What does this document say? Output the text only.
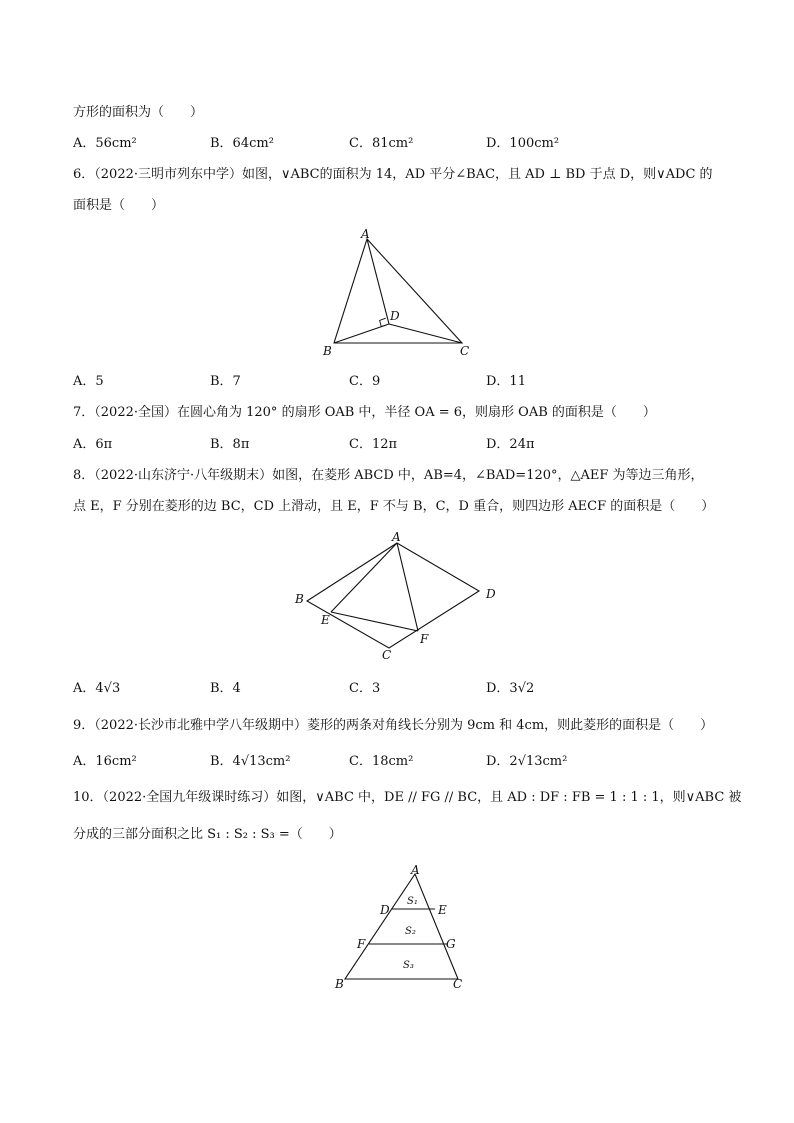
方形的面积为（　　）
A．56cm²	B．64cm²	C．81cm²	D．100cm²
6．（2022·三明市列东中学）如图，∨ABC的面积为 14，AD 平分∠BAC，且 AD ⊥ BD 于点 D，则∨ADC 的
面积是（　　）
A
B	C
D
A．5	B．7	C．9	D．11
7．（2022·全国）在圆心角为 120° 的扇形 OAB 中，半径 OA = 6，则扇形 OAB 的面积是（　　）
A．6π	B．8π	C．12π	D．24π
8．（2022·山东济宁·八年级期末）如图，在菱形 ABCD 中，AB=4，∠BAD=120°，△AEF 为等边三角形，
点 E，F 分别在菱形的边 BC，CD 上滑动，且 E，F 不与 B，C，D 重合，则四边形 AECF 的面积是（　　）
A
B
C
D
E
F
A．4√3	B．4	C．3	D．3√2
9．（2022·长沙市北雅中学八年级期中）菱形的两条对角线长分别为 9cm 和 4cm，则此菱形的面积是（　　）
A．16cm²	B．4√13cm²	C．18cm²	D．2√13cm²
10．（2022·全国九年级课时练习）如图，∨ABC 中，DE // FG // BC，且 AD : DF : FB = 1 : 1 : 1，则∨ABC 被
分成的三部分面积之比 S₁ : S₂ : S₃ =（　　）
A
B	C
D	E
F	G
S₁
S₂
S₃
